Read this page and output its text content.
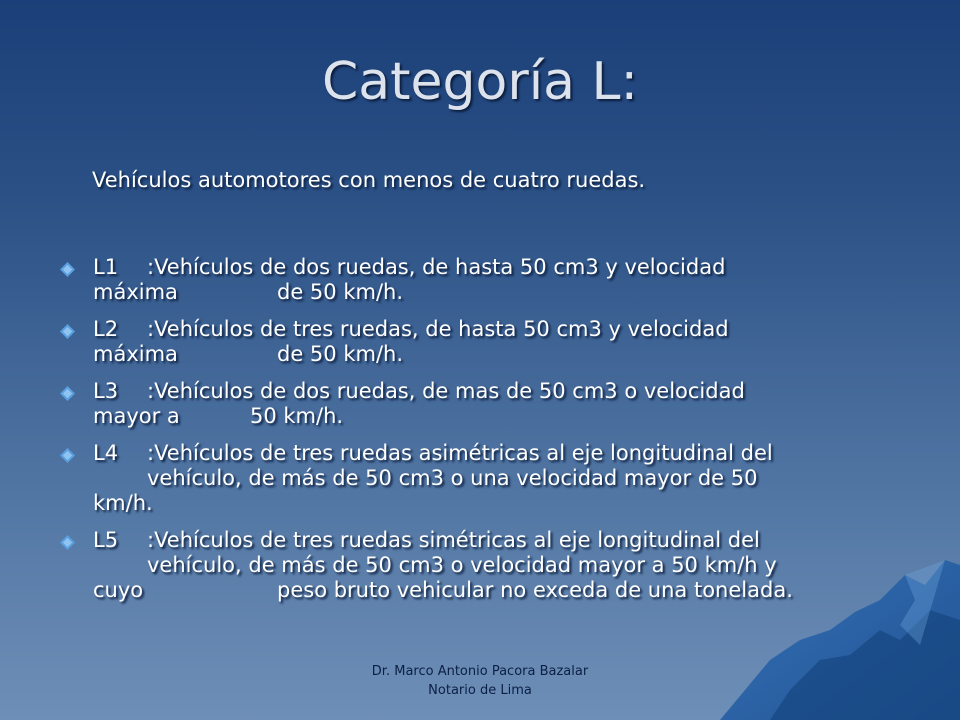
Categoría L:

Vehículos automotores con menos de cuatro ruedas.

L1 :Vehículos de dos ruedas, de hasta 50 cm3 y velocidad
máxima	de 50 km/h.
L2 :Vehículos de tres ruedas, de hasta 50 cm3 y velocidad
máxima	de 50 km/h.
L3 :Vehículos de dos ruedas, de mas de 50 cm3 o velocidad
mayor a	50 km/h.
L4 :Vehículos de tres ruedas asimétricas al eje longitudinal del
vehículo, de más de 50 cm3 o una velocidad mayor de 50
km/h.
L5 :Vehículos de tres ruedas simétricas al eje longitudinal del
vehículo, de más de 50 cm3 o velocidad mayor a 50 km/h y
cuyo	peso bruto vehicular no exceda de una tonelada.
Dr. Marco Antonio Pacora Bazalar
Notario de Lima
